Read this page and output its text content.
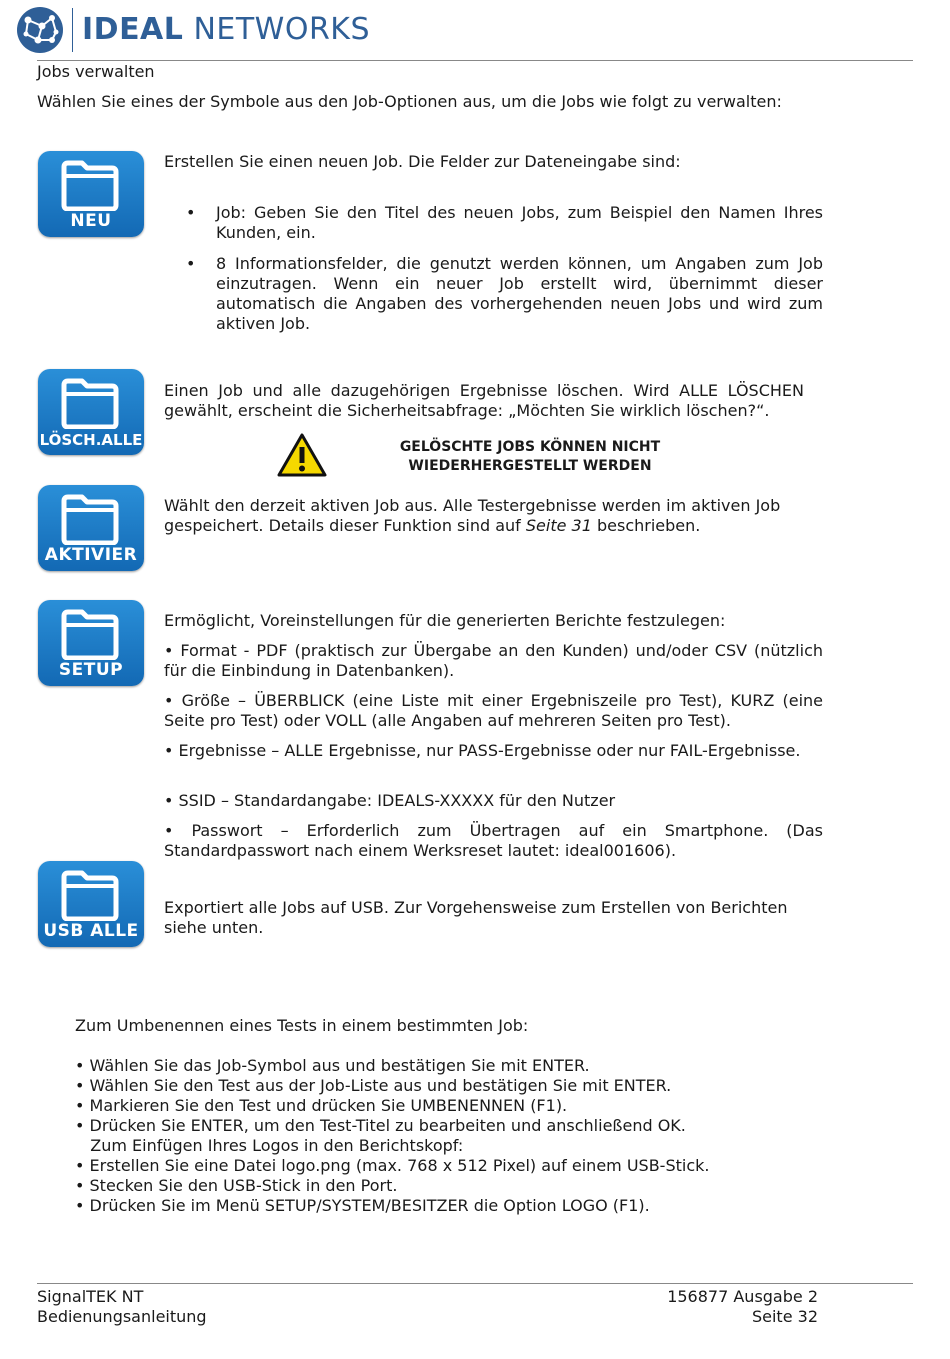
IDEAL NETWORKS
Jobs verwalten
Wählen Sie eines der Symbole aus den Job-Optionen aus, um die Jobs wie folgt zu verwalten:
NEU
Erstellen Sie einen neuen Job. Die Felder zur Dateneingabe sind:
• Job: Geben Sie den Titel des neuen Jobs, zum Beispiel den Namen Ihres Kunden, ein.
• 8 Informationsfelder, die genutzt werden können, um Angaben zum Job einzutragen. Wenn ein neuer Job erstellt wird, übernimmt dieser automatisch die Angaben des vorhergehenden neuen Jobs und wird zum aktiven Job.
LÖSCH.ALLE
Einen Job und alle dazugehörigen Ergebnisse löschen. Wird ALLE LÖSCHEN gewählt, erscheint die Sicherheitsabfrage: „Möchten Sie wirklich löschen?“.
GELÖSCHTE JOBS KÖNNEN NICHT
WIEDERHERGESTELLT WERDEN
AKTIVIER
Wählt den derzeit aktiven Job aus. Alle Testergebnisse werden im aktiven Job gespeichert. Details dieser Funktion sind auf Seite 31 beschrieben.
SETUP
Ermöglicht, Voreinstellungen für die generierten Berichte festzulegen:
• Format - PDF (praktisch zur Übergabe an den Kunden) und/oder CSV (nützlich für die Einbindung in Datenbanken).
• Größe – ÜBERBLICK (eine Liste mit einer Ergebniszeile pro Test), KURZ (eine Seite pro Test) oder VOLL (alle Angaben auf mehreren Seiten pro Test).
• Ergebnisse – ALLE Ergebnisse, nur PASS-Ergebnisse oder nur FAIL-Ergebnisse.
• SSID – Standardangabe: IDEALS-XXXXX für den Nutzer
• Passwort – Erforderlich zum Übertragen auf ein Smartphone. (Das Standardpasswort nach einem Werksreset lautet: ideal001606).
USB ALLE
Exportiert alle Jobs auf USB. Zur Vorgehensweise zum Erstellen von Berichten siehe unten.
Zum Umbenennen eines Tests in einem bestimmten Job:
• Wählen Sie das Job-Symbol aus und bestätigen Sie mit ENTER.
• Wählen Sie den Test aus der Job-Liste aus und bestätigen Sie mit ENTER.
• Markieren Sie den Test und drücken Sie UMBENENNEN (F1).
• Drücken Sie ENTER, um den Test-Titel zu bearbeiten und anschließend OK.
Zum Einfügen Ihres Logos in den Berichtskopf:
• Erstellen Sie eine Datei logo.png (max. 768 x 512 Pixel) auf einem USB-Stick.
• Stecken Sie den USB-Stick in den Port.
• Drücken Sie im Menü SETUP/SYSTEM/BESITZER die Option LOGO (F1).
SignalTEK NT
Bedienungsanleitung
156877 Ausgabe 2
Seite 32
